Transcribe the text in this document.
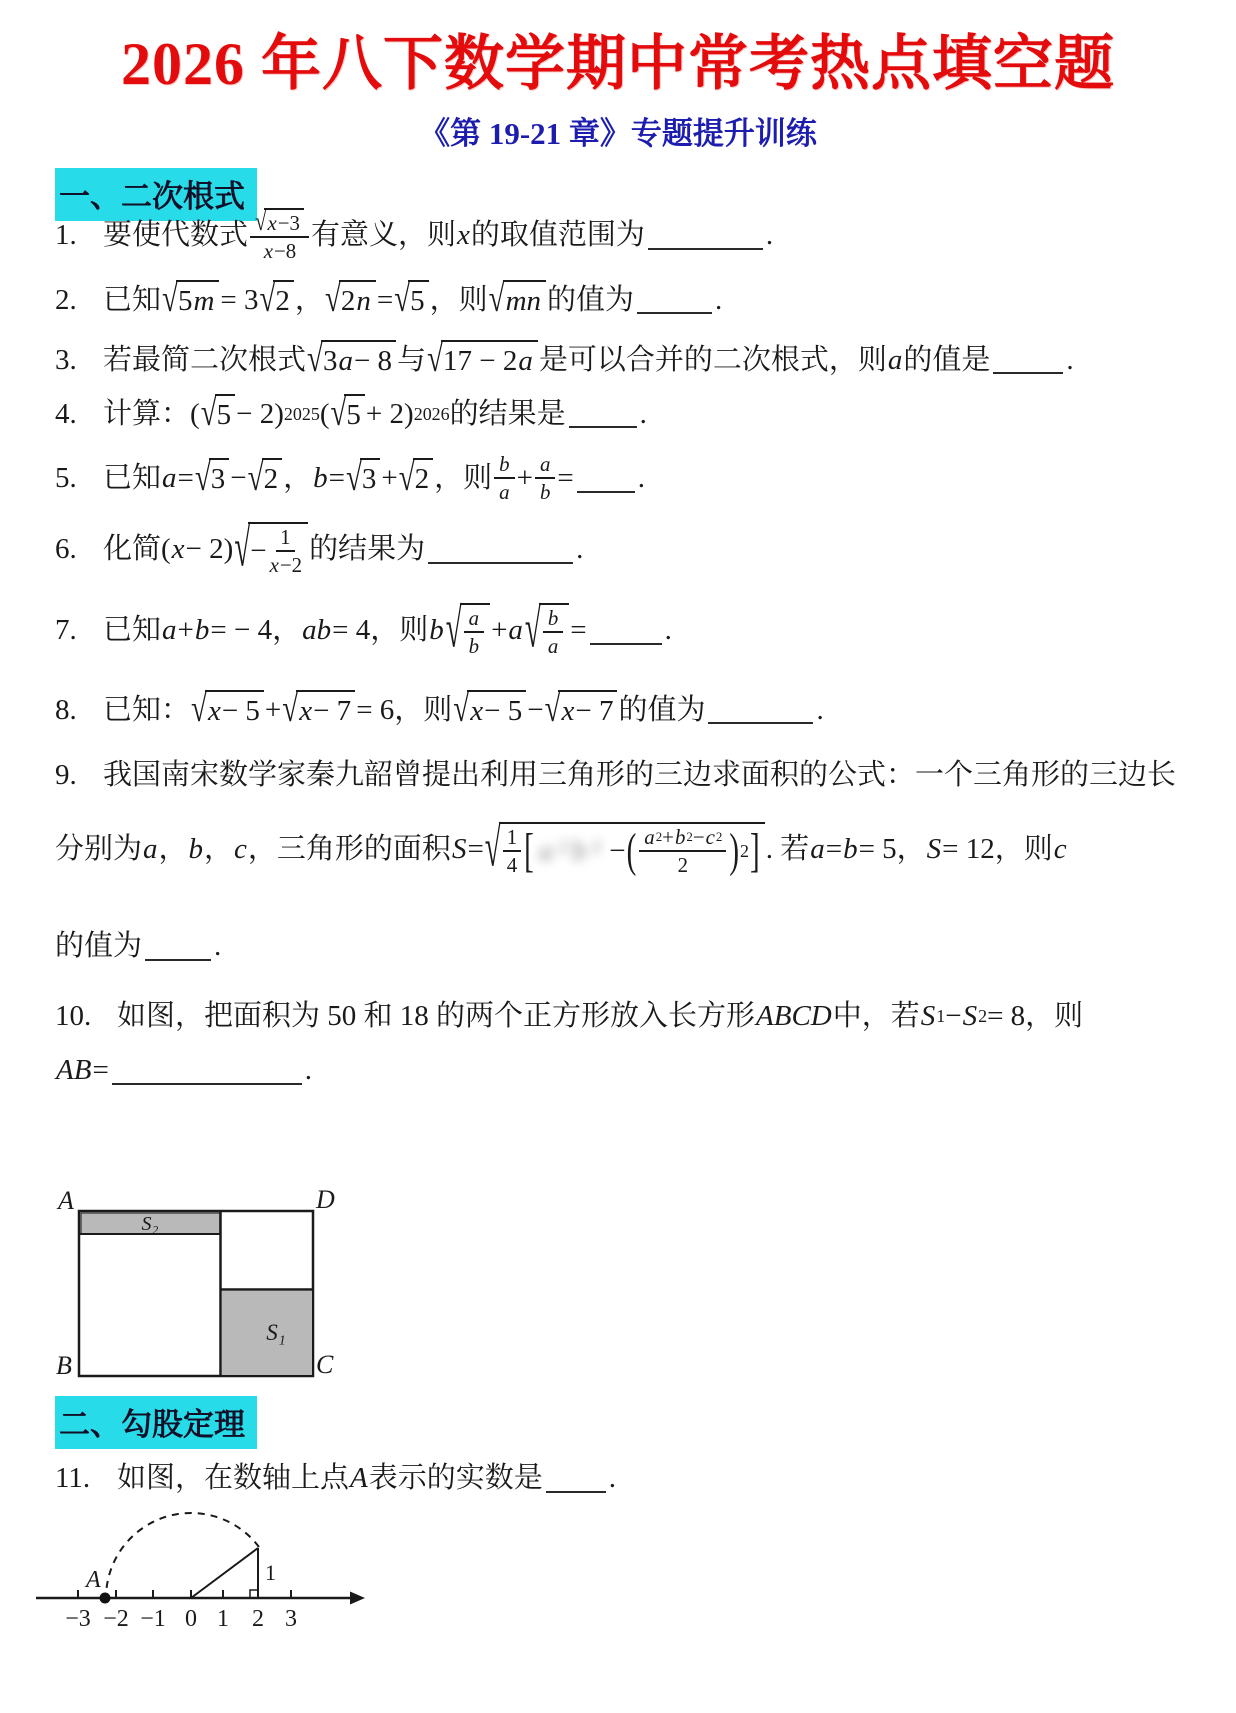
2026 年八下数学期中常考热点填空题
《第 19-21 章》专题提升训练
一、二次根式
1. 要使代数式 $\frac{√ x -3}{x -8}$ 有意义，则 x 的取值范围为	.
2. 已知 √ 5 m = 3 √ 2 ， √ 2 n = √ 5 ，则 √ mn 的值为	.
3. 若最简二次根式 √ 3 a − 8 与 √ 17 − 2 a 是可以合并的二次根式，则 a 的值是	.
4. 计算：( √ 5 − 2) 2025 ( √ 5 + 2) 2026 的结果是	.
5. 已知 a = √ 3 − √ 2 ， b = √ 3 + √ 2 ，则 $\frac{b}{a} + \frac{a}{b}$ =
.
6. 化简( x − 2) √ − $\frac{1}{x -2}$ 的结果为	.
7. 已知 a + b = − 4， ab = 4，则 b √ $\frac{a}{b} + a$ √ $\frac{b}{a}$ =	.
8. 已知： √ x − 5 + √ x − 7 = 6，则 √ x − 5 − √ x − 7 的值为	.
9. 我国南宋数学家秦九韶曾提出利用三角形的三边求面积的公式：一个三角形的三边长
分别为 a ， b ， c ，三角形的面积 S = √ $\frac{1}{4}$ [ a²b² − ( $\frac{a 2 + b 2 - c 2}{2}$ ) 2 ] . 若 a = b = 5， S = 12，则 c
的值为 .
10. 如图，把面积为 50 和 18 的两个正方形放入长方形 ABCD 中，若 S 1 − S 2 = 8，则
AB =	.
S₂
S₁
A	D
B	C
二、勾股定理
11. 如图，在数轴上点 A 表示的实数是 .
−3 −2 −1 0 1 2 3
1
A
